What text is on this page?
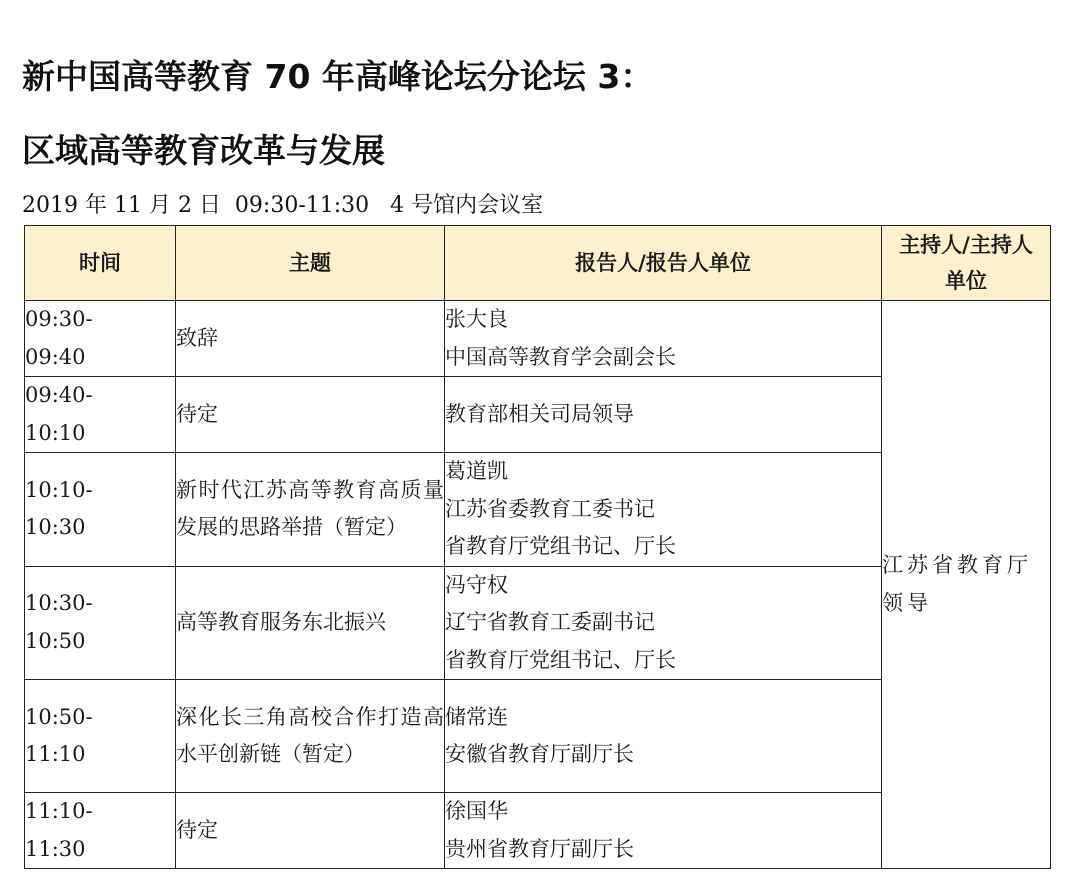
新中国高等教育 70 年高峰论坛分论坛 3：
区域高等教育改革与发展
2019 年 11 月 2 日  09:30-11:30   4 号馆内会议室
时间	主题	报告人/报告人单位	主持人/主持人单位

09:30-
09:40	致辞	张大良
中国高等教育学会副会长	江苏省教育厅领导

09:40-
10:10	待定	教育部相关司局领导	

10:10-
10:30	新时代江苏高等教育高质量发展的思路举措（暂定）	葛道凯
江苏省委教育工委书记
省教育厅党组书记、厅长	

10:30-
10:50	高等教育服务东北振兴	冯守权
辽宁省教育工委副书记
省教育厅党组书记、厅长	

10:50-
11:10	深化长三角高校合作打造高水平创新链（暂定）	储常连
安徽省教育厅副厅长	

11:10-
11:30	待定	徐国华
贵州省教育厅副厅长	
